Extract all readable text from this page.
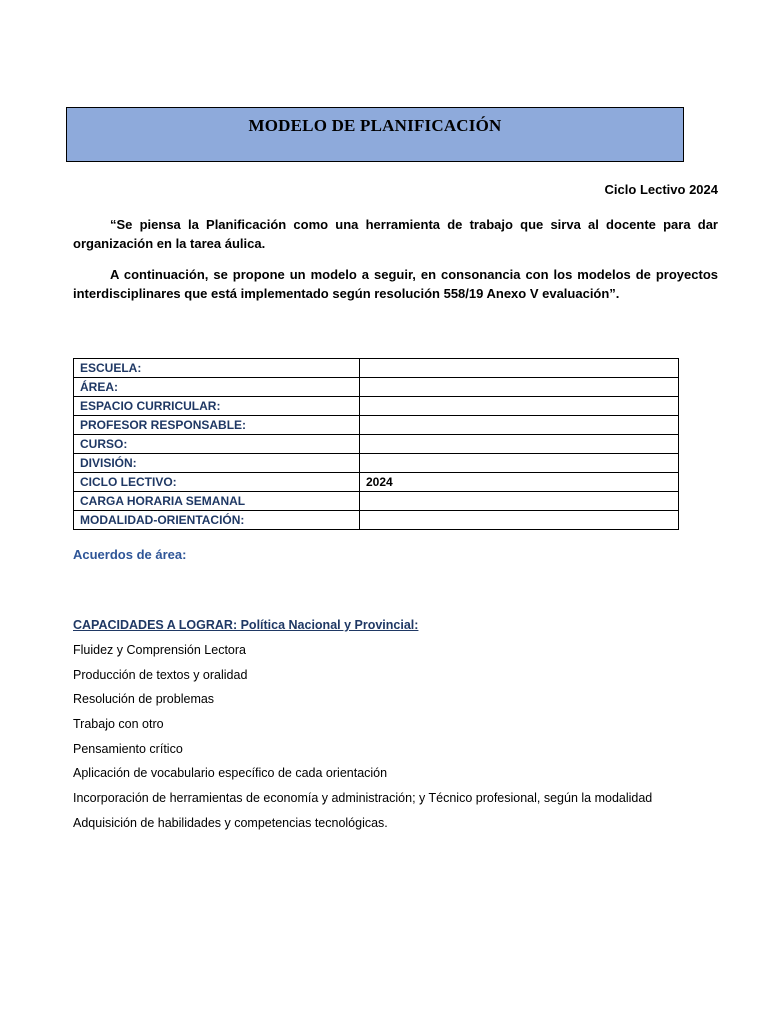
MODELO DE PLANIFICACIÓN
Ciclo Lectivo 2024
“Se piensa la Planificación como una herramienta de trabajo que sirva al docente para dar organización en la tarea áulica.
A continuación, se propone un modelo a seguir, en consonancia con los modelos de proyectos interdisciplinares que está implementado según resolución 558/19 Anexo V evaluación”.
ESCUELA:	
ÁREA:	
ESPACIO CURRICULAR:	
PROFESOR RESPONSABLE:	
CURSO:	
DIVISIÓN:	
CICLO LECTIVO:	2024
CARGA HORARIA SEMANAL	
MODALIDAD-ORIENTACIÓN:	
Acuerdos de área:
CAPACIDADES A LOGRAR: Política Nacional y Provincial:
Fluidez y Comprensión Lectora
Producción de textos y oralidad
Resolución de problemas
Trabajo con otro
Pensamiento crítico
Aplicación de vocabulario específico de cada orientación
Incorporación de herramientas de economía y administración; y Técnico profesional, según la modalidad
Adquisición de habilidades y competencias tecnológicas.
